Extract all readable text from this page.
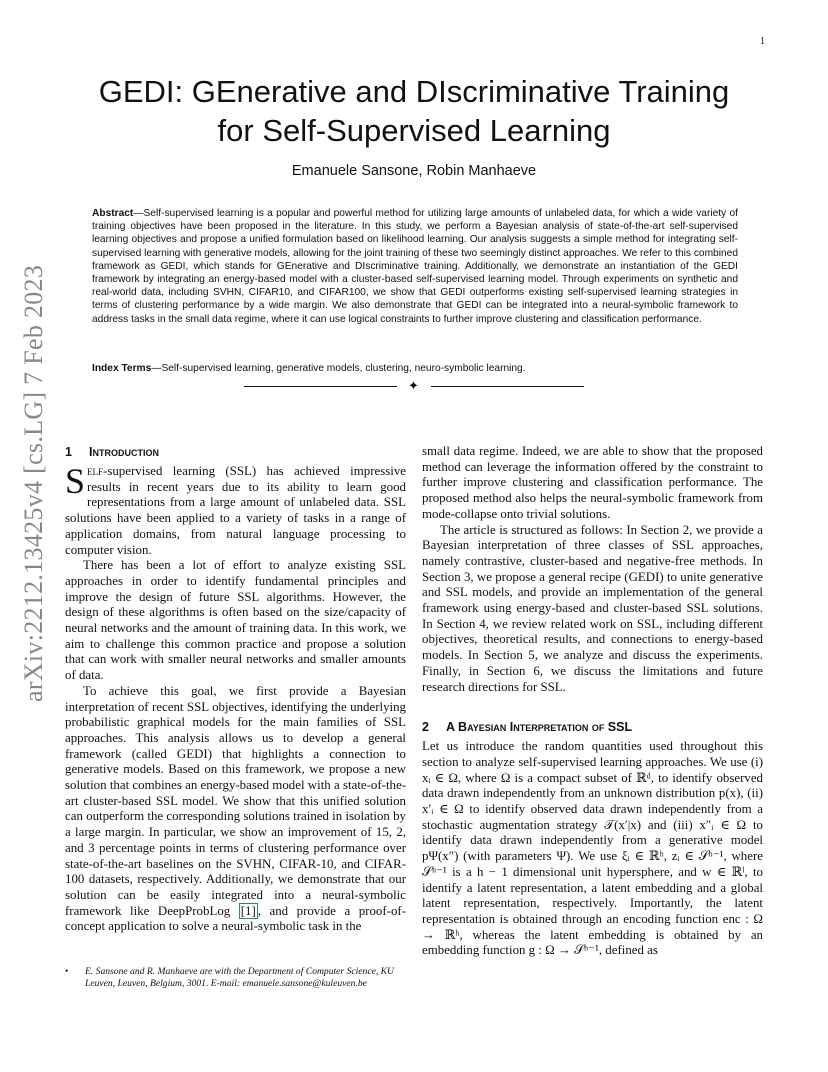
1
GEDI: GEnerative and DIscriminative Training
for Self-Supervised Learning
Emanuele Sansone, Robin Manhaeve
Abstract—Self-supervised learning is a popular and powerful method for utilizing large amounts of unlabeled data, for which a wide variety of training objectives have been proposed in the literature. In this study, we perform a Bayesian analysis of state-of-the-art self-supervised learning objectives and propose a unified formulation based on likelihood learning. Our analysis suggests a simple method for integrating self-supervised learning with generative models, allowing for the joint training of these two seemingly distinct approaches. We refer to this combined framework as GEDI, which stands for GEnerative and DIscriminative training. Additionally, we demonstrate an instantiation of the GEDI framework by integrating an energy-based model with a cluster-based self-supervised learning model. Through experiments on synthetic and real-world data, including SVHN, CIFAR10, and CIFAR100, we show that GEDI outperforms existing self-supervised learning strategies in terms of clustering performance by a wide margin. We also demonstrate that GEDI can be integrated into a neural-symbolic framework to address tasks in the small data regime, where it can use logical constraints to further improve clustering and classification performance.
Index Terms—Self-supervised learning, generative models, clustering, neuro-symbolic learning.
✦
arXiv:2212.13425v4 [cs.LG] 7 Feb 2023	1 Introduction

Self-supervised learning (SSL) has achieved impressive results in recent years due to its ability to learn good representations from a large amount of unlabeled data. SSL solutions have been applied to a variety of tasks in a range of application domains, from natural language processing to computer vision.

There has been a lot of effort to analyze existing SSL approaches in order to identify fundamental principles and improve the design of future SSL algorithms. However, the design of these algorithms is often based on the size/capacity of neural networks and the amount of training data. In this work, we aim to challenge this common practice and propose a solution that can work with smaller neural networks and smaller amounts of data.

To achieve this goal, we first provide a Bayesian interpretation of recent SSL objectives, identifying the underlying probabilistic graphical models for the main families of SSL approaches. This analysis allows us to develop a general framework (called GEDI) that highlights a connection to generative models. Based on this framework, we propose a new solution that combines an energy-based model with a state-of-the-art cluster-based SSL model. We show that this unified solution can outperform the corresponding solutions trained in isolation by a large margin. In particular, we show an improvement of 15, 2, and 3 percentage points in terms of clustering performance over state-of-the-art baselines on the SVHN, CIFAR-10, and CIFAR-100 datasets, respectively. Additionally, we demonstrate that our solution can be easily integrated into a neural-symbolic framework like DeepProbLog [1] , and provide a proof-of-concept application to solve a neural-symbolic task in the

small data regime. Indeed, we are able to show that the proposed method can leverage the information offered by the constraint to further improve clustering and classification performance. The proposed method also helps the neural-symbolic framework from mode-collapse onto trivial solutions.

The article is structured as follows: In Section 2, we provide a Bayesian interpretation of three classes of SSL approaches, namely contrastive, cluster-based and negative-free methods. In Section 3, we propose a general recipe (GEDI) to unite generative and SSL models, and provide an implementation of the general framework using energy-based and cluster-based SSL solutions. In Section 4, we review related work on SSL, including different objectives, theoretical results, and connections to energy-based models. In Section 5, we analyze and discuss the experiments. Finally, in Section 6, we discuss the limitations and future research directions for SSL.

2 A Bayesian Interpretation of SSL

Let us introduce the random quantities used throughout this section to analyze self-supervised learning approaches. We use (i) xᵢ ∈ Ω, where Ω is a compact subset of ℝᵈ, to identify observed data drawn independently from an unknown distribution p(x), (ii) x′ᵢ ∈ Ω to identify observed data drawn independently from a stochastic augmentation strategy 𝒯(x′|x) and (iii) x″ᵢ ∈ Ω to identify data drawn independently from a generative model pΨ(x″) (with parameters Ψ). We use ξᵢ ∈ ℝʰ, zᵢ ∈ 𝒮ʰ⁻¹, where 𝒮ʰ⁻¹ is a h − 1 dimensional unit hypersphere, and w ∈ ℝˡ, to identify a latent representation, a latent embedding and a global latent representation, respectively. Importantly, the latent representation is obtained through an encoding function enc : Ω → ℝʰ, whereas the latent embedding is obtained by an embedding function g : Ω → 𝒮ʰ⁻¹, defined as

• E. Sansone and R. Manhaeve are with the Department of Computer Science, KU Leuven, Leuven, Belgium, 3001. E-mail: emanuele.sansone@kuleuven.be
